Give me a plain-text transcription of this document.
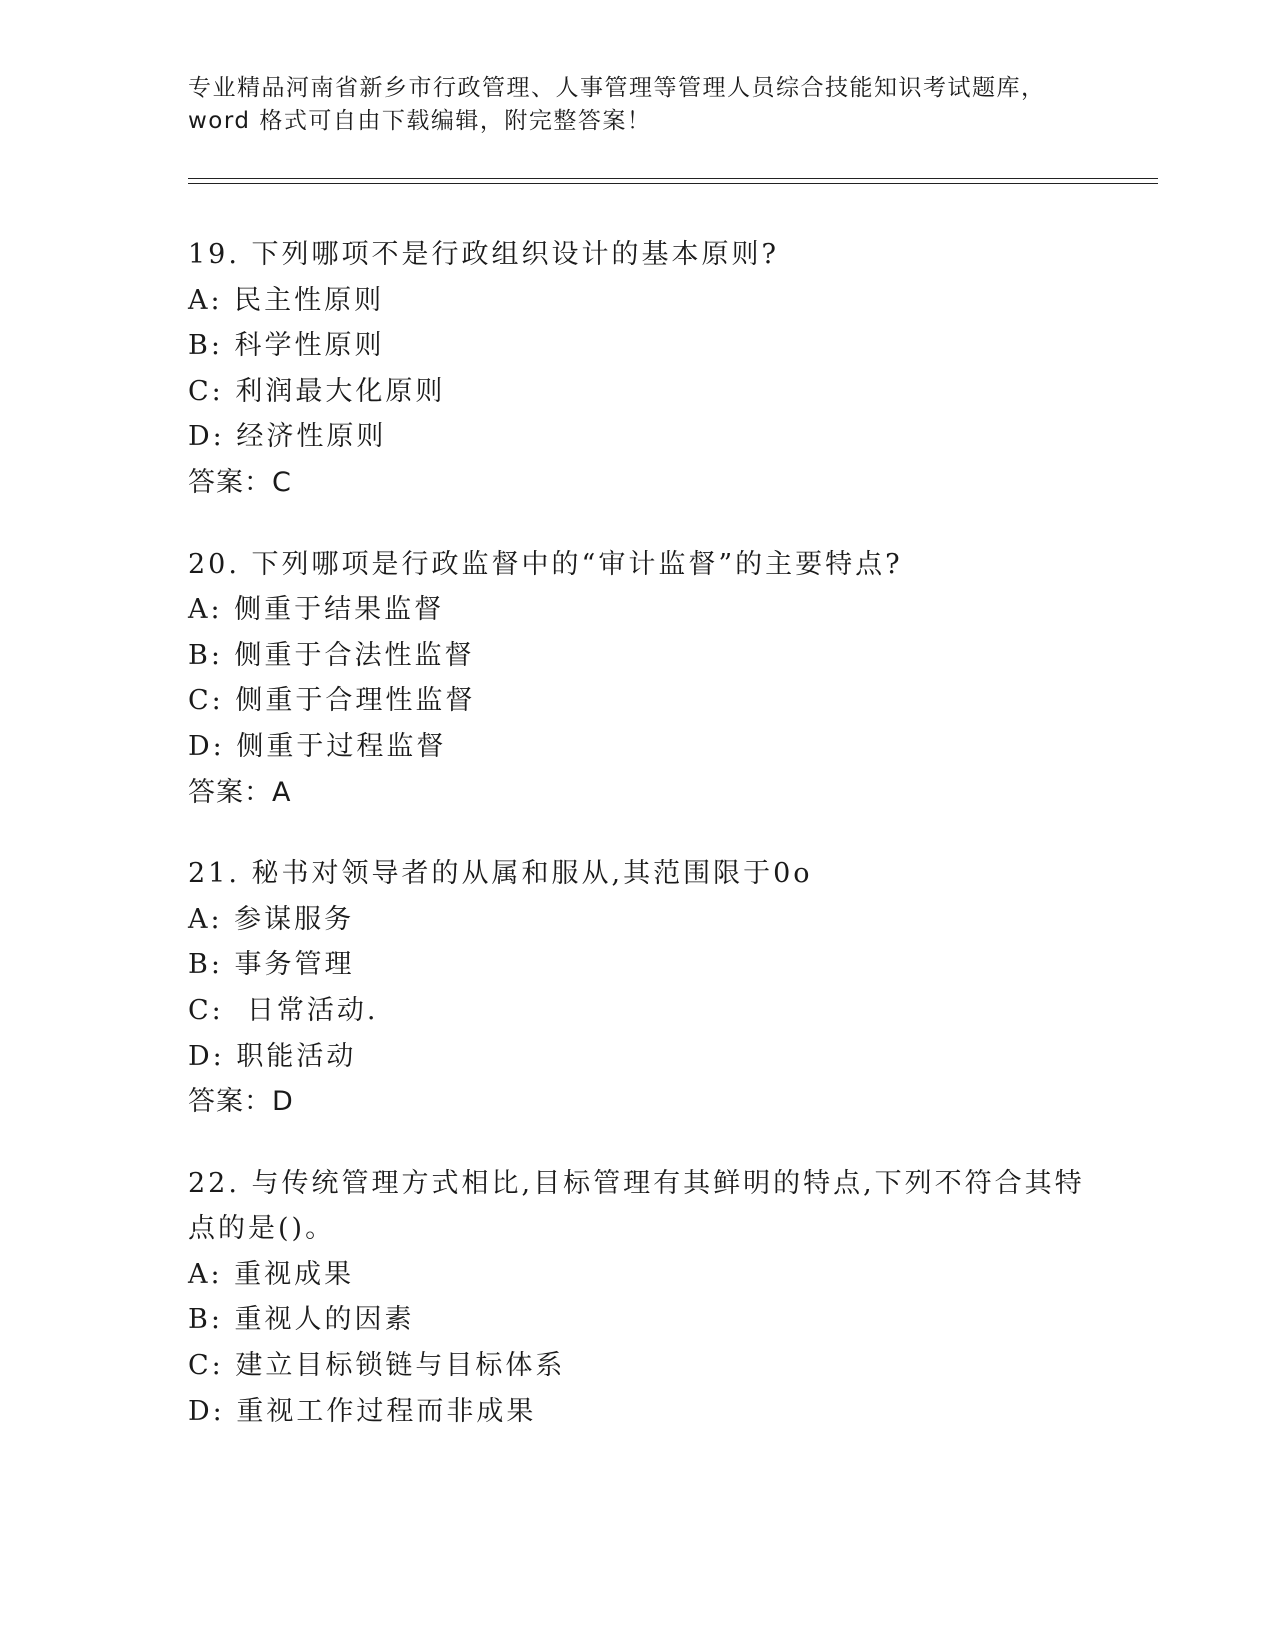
专业精品河南省新乡市行政管理、人事管理等管理人员综合技能知识考试题库，
word 格式可自由下载编辑，附完整答案！
19. 下列哪项不是行政组织设计的基本原则?
A: 民主性原则
B: 科学性原则
C: 利润最大化原则
D: 经济性原则
答案：C
20. 下列哪项是行政监督中的“审计监督”的主要特点?
A: 侧重于结果监督
B: 侧重于合法性监督
C: 侧重于合理性监督
D: 侧重于过程监督
答案：A
21. 秘书对领导者的从属和服从,其范围限于0o
A: 参谋服务
B: 事务管理
C:  日常活动.
D: 职能活动
答案：D
22. 与传统管理方式相比,目标管理有其鲜明的特点,下列不符合其特
点的是()。
A: 重视成果
B: 重视人的因素
C: 建立目标锁链与目标体系
D: 重视工作过程而非成果
